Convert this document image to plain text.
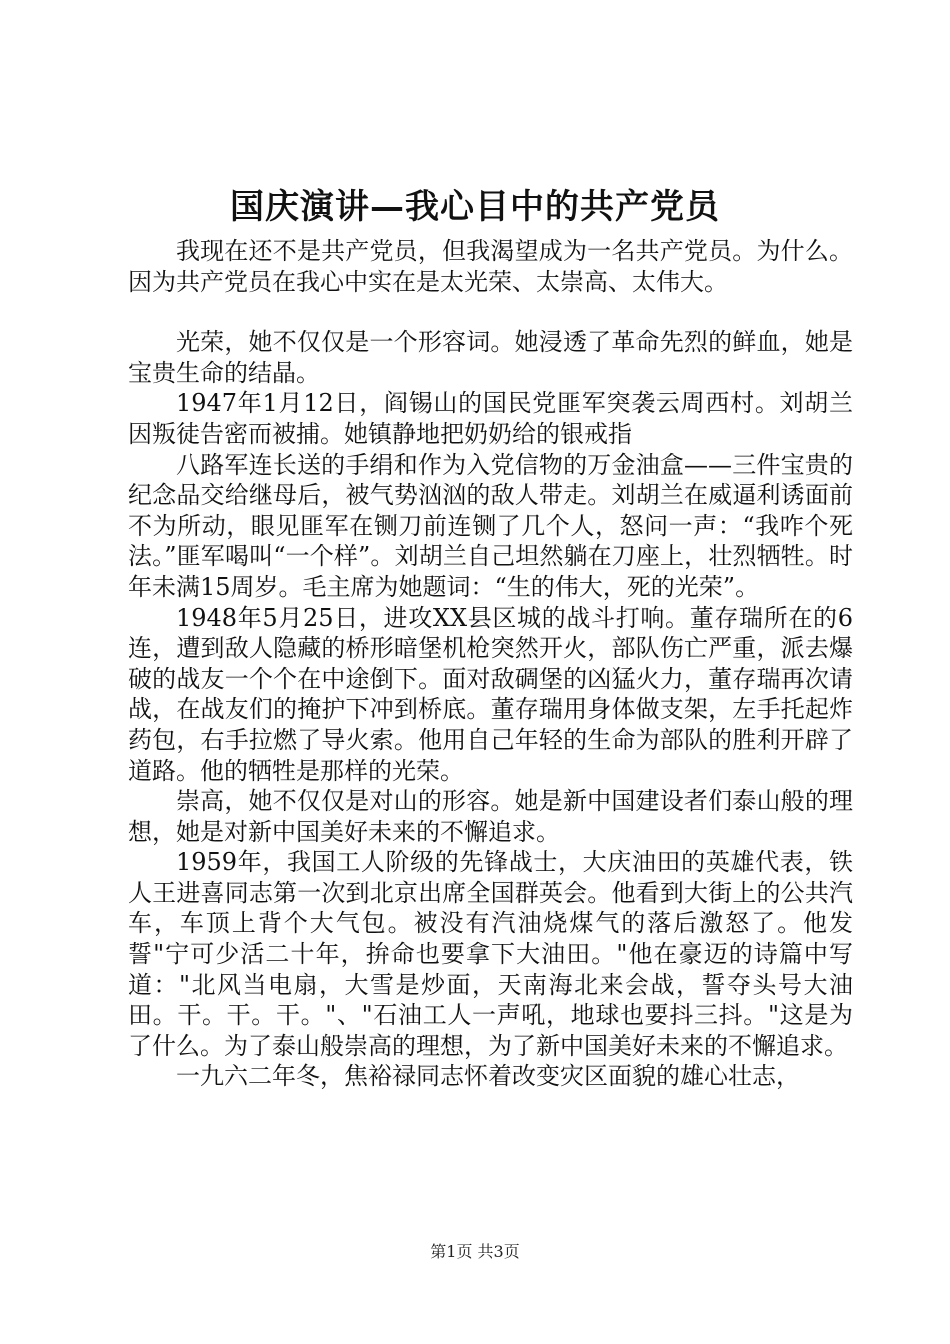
国庆演讲—我心目中的共产党员

我现在还不是共产党员，但我渴望成为一名共产党员。为什么。因为共产党员在我心中实在是太光荣、太崇高、太伟大。

光荣，她不仅仅是一个形容词。她浸透了革命先烈的鲜血，她是宝贵生命的结晶。

1947年1月12日，阎锡山的国民党匪军突袭云周西村。刘胡兰因叛徒告密而被捕。她镇静地把奶奶给的银戒指

八路军连长送的手绢和作为入党信物的万金油盒——三件宝贵的纪念品交给继母后，被气势汹汹的敌人带走。刘胡兰在威逼利诱面前不为所动，眼见匪军在铡刀前连铡了几个人，怒问一声：“我咋个死法。”匪军喝叫“一个样”。刘胡兰自己坦然躺在刀座上，壮烈牺牲。时年未满15周岁。毛主席为她题词：“生的伟大，死的光荣”。

1948年5月25日，进攻XX县区城的战斗打响。董存瑞所在的6连，遭到敌人隐藏的桥形暗堡机枪突然开火，部队伤亡严重，派去爆破的战友一个个在中途倒下。面对敌碉堡的凶猛火力，董存瑞再次请战，在战友们的掩护下冲到桥底。董存瑞用身体做支架，左手托起炸药包，右手拉燃了导火索。他用自己年轻的生命为部队的胜利开辟了道路。他的牺牲是那样的光荣。

崇高，她不仅仅是对山的形容。她是新中国建设者们泰山般的理想，她是对新中国美好未来的不懈追求。

1959年，我国工人阶级的先锋战士，大庆油田的英雄代表，铁人王进喜同志第一次到北京出席全国群英会。他看到大街上的公共汽车，车顶上背个大气包。被没有汽油烧煤气的落后激怒了。他发誓"宁可少活二十年，拚命也要拿下大油田。"他在豪迈的诗篇中写道："北风当电扇，大雪是炒面，天南海北来会战，誓夺头号大油田。干。干。干。"、"石油工人一声吼，地球也要抖三抖。"这是为了什么。为了泰山般崇高的理想，为了新中国美好未来的不懈追求。

一九六二年冬，焦裕禄同志怀着改变灾区面貌的雄心壮志，

第1页 共3页
